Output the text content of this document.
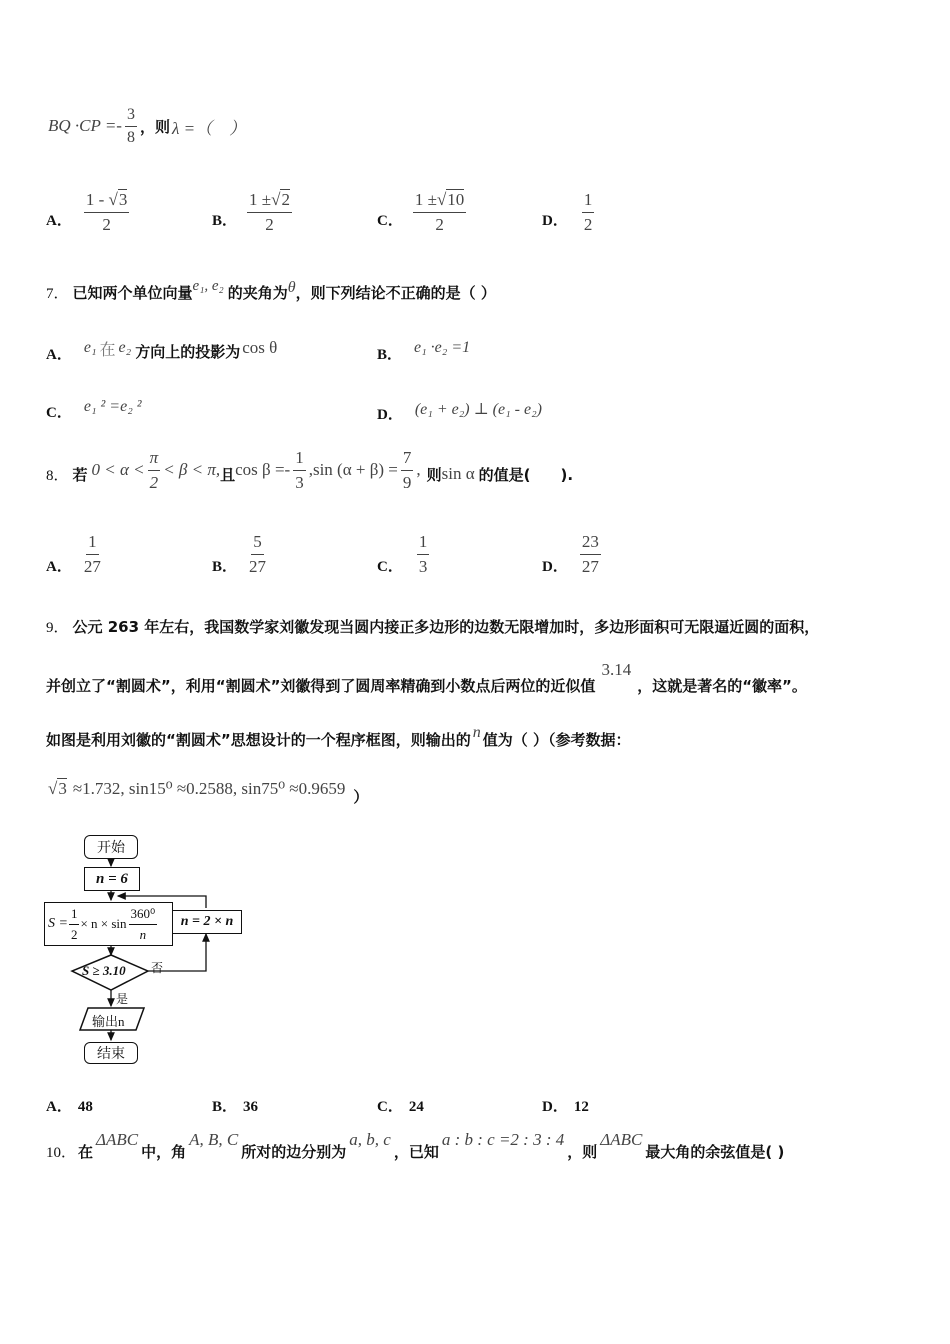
BQ $\cdot CP =- \frac{3}{8}$ ，则 λ =（　）
A． $\frac{1 - √3}{2}$	B． $\frac{1 \pm√2}{2}$	C． $\frac{1 \pm√10}{2}$	D． $\frac{1}{2}$
7． 已知两个单位向量 e₁, e₂ 的夹角为 θ ，则下列结论不正确的是（ ）
A． e₁ 在 e₂ 方向上的投影为 cos θ	B． e₁ ·e₂ =1
C． e₁ ² =e₂ ²	D． (e₁ + e₂) ⊥ (e₁ - e₂)
8． 若 $0 < \alpha < \frac{\pi}{2} < \beta < \pi$, 且 $\cos \beta =- \frac{1}{3} ,\sin$ $(\alpha + \beta) = \frac{7}{9}$ , 则 sin α 的值是(　　).
A． $\frac{1}{27}$	B． $\frac{5}{27}$	C． $\frac{1}{3}$	D． $\frac{23}{27}$
9． 公元 263 年左右，我国数学家刘徽发现当圆内接正多边形的边数无限增加时，多边形面积可无限逼近圆的面积，
并创立了“割圆术”，利用“割圆术”刘徽得到了圆周率精确到小数点后两位的近似值
3.14
，这就是著名的“徽率”。
如图是利用刘徽的“割圆术”思想设计的一个程序框图，则输出的 n 值为（ ）（参考数据：
√3 ≈1.732, sin15⁰ ≈0.2588, sin75⁰ ≈0.9659 ）
开始
n = 6
$S = \frac{1}{2} \times n \times \sin \frac{\text{360⁰}}{n}$ n = 2 × n
S ≥ 3.10 否
是
输出n
结束
A． 48	B． 36	C． 24	D． 12
10． 在
ΔABC
中，角
A, B, C
所对的边分别为
a, b, c
，已知
a : b : c =2 : 3 : 4
，则
ΔABC
最大角的余弦值是( )
